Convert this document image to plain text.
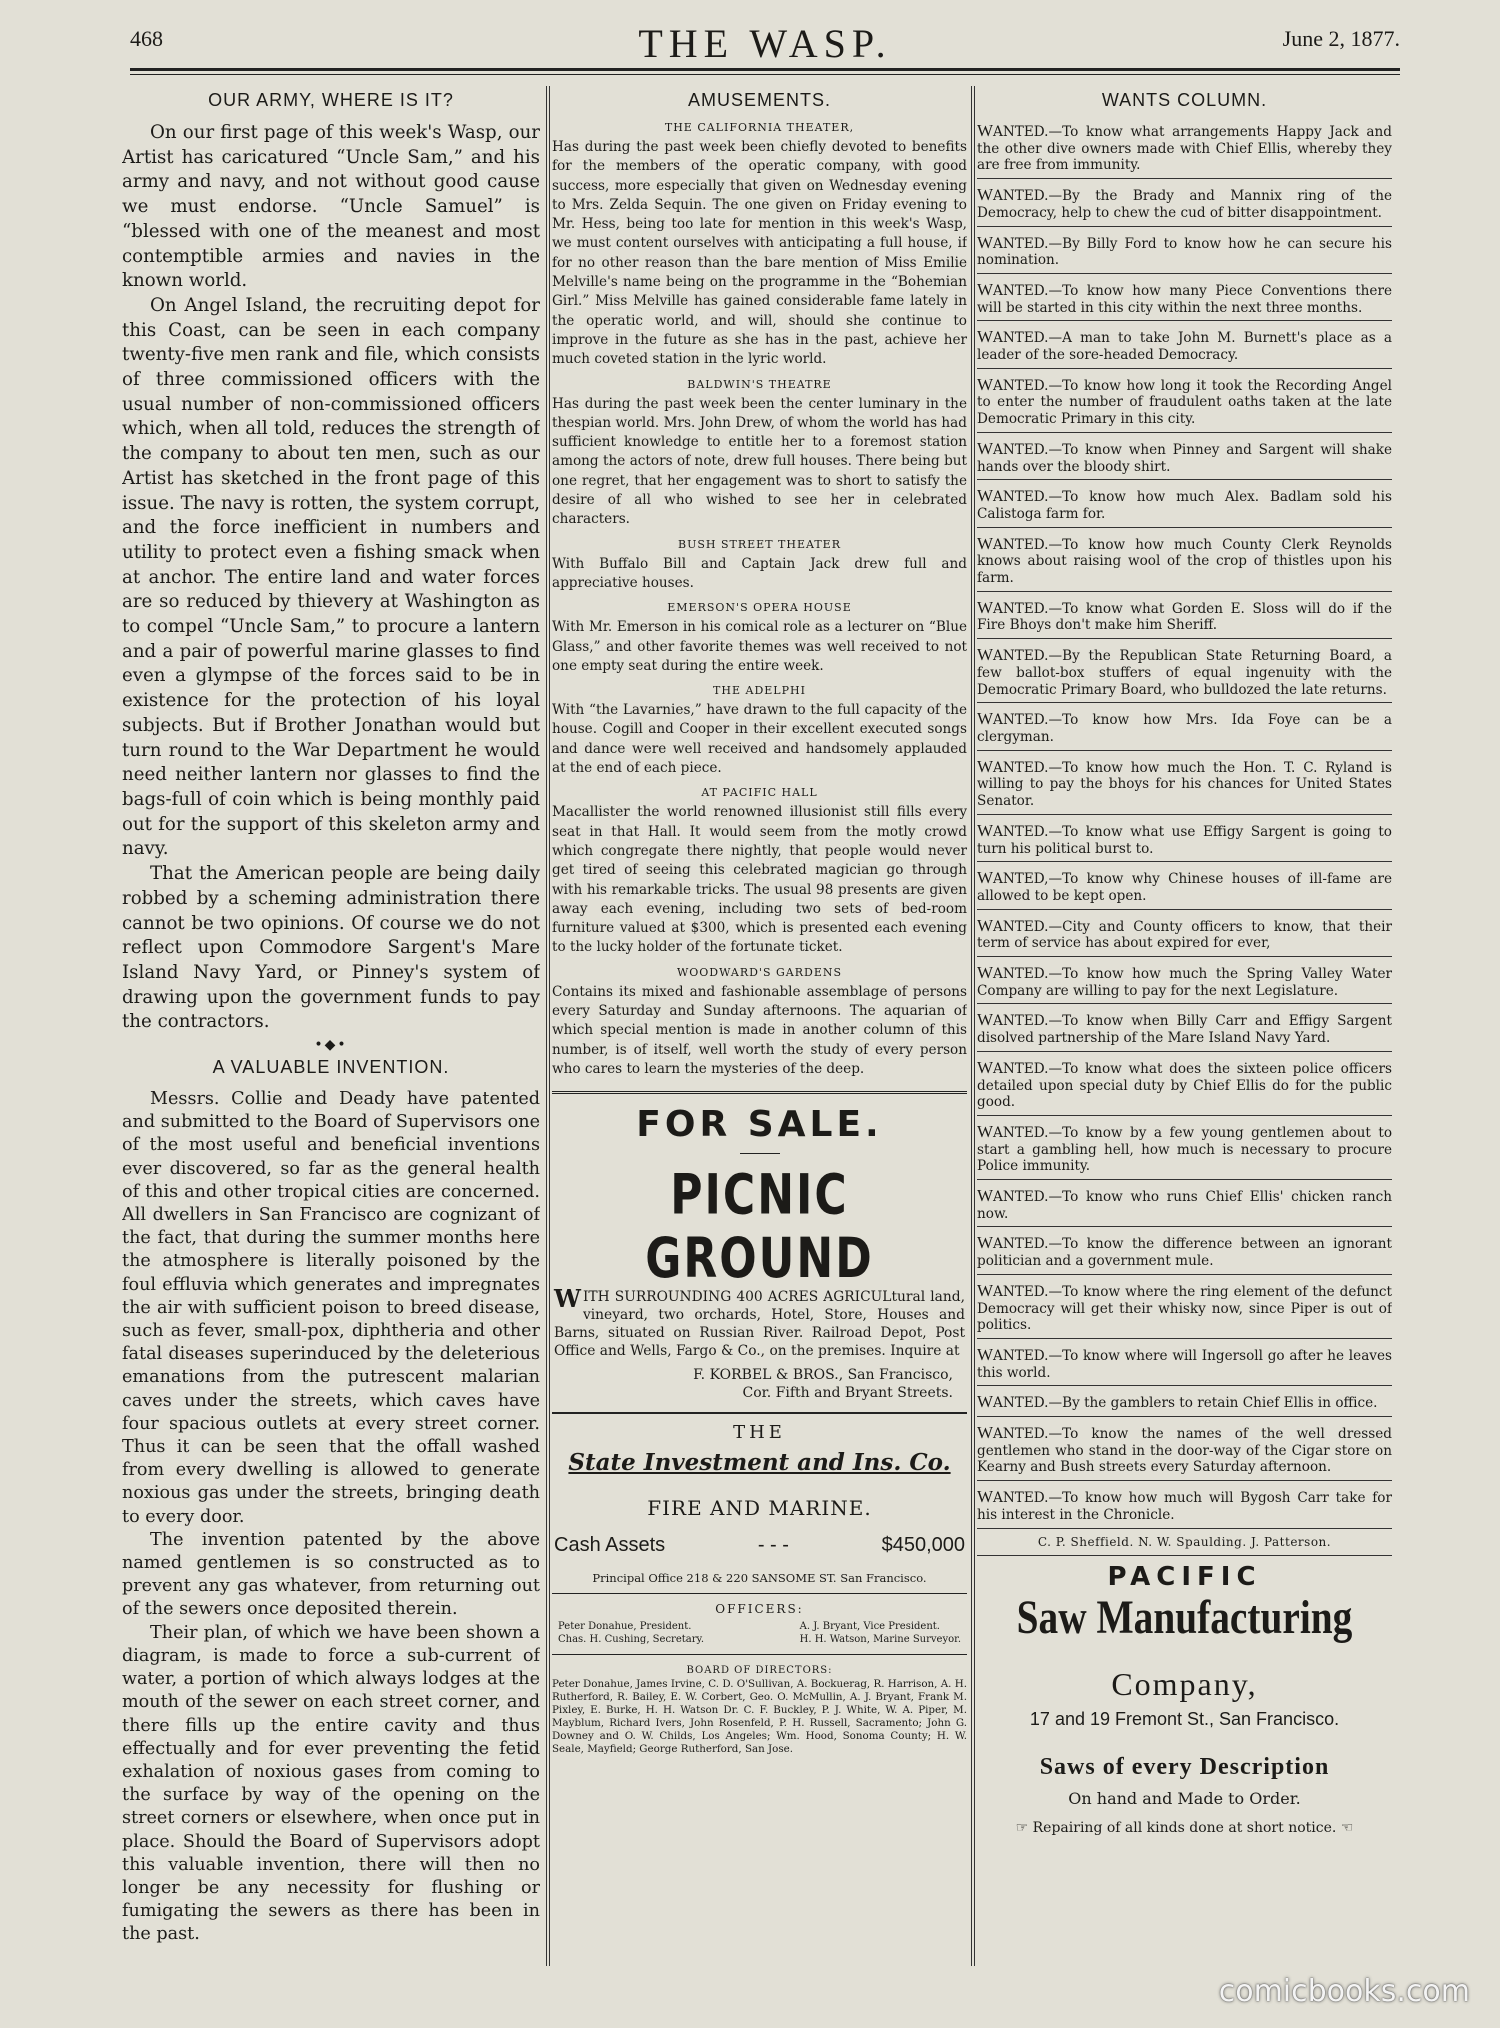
468	THE WASP.	June 2, 1877.
OUR ARMY, WHERE IS IT?

On our first page of this week's Wasp, our Artist has caricatured “Uncle Sam,” and his army and navy, and not without good cause we must endorse. “Uncle Samuel” is “blessed with one of the meanest and most contemptible armies and navies in the known world.

On Angel Island, the recruiting depot for this Coast, can be seen in each company twenty-five men rank and file, which consists of three commissioned officers with the usual number of non-commissioned officers which, when all told, reduces the strength of the company to about ten men, such as our Artist has sketched in the front page of this issue. The navy is rotten, the system corrupt, and the force inefficient in numbers and utility to protect even a fishing smack when at anchor. The entire land and water forces are so reduced by thievery at Washington as to compel “Uncle Sam,” to procure a lantern and a pair of powerful marine glasses to find even a glympse of the forces said to be in existence for the protection of his loyal subjects. But if Brother Jonathan would but turn round to the War Department he would need neither lantern nor glasses to find the bags-full of coin which is being monthly paid out for the support of this skeleton army and navy.

That the American people are being daily robbed by a scheming administration there cannot be two opinions. Of course we do not reflect upon Commodore Sargent's Mare Island Navy Yard, or Pinney's system of drawing upon the government funds to pay the contractors.

•◆•
A VALUABLE INVENTION.

Messrs. Collie and Deady have patented and submitted to the Board of Supervisors one of the most useful and beneficial inventions ever discovered, so far as the general health of this and other tropical cities are concerned. All dwellers in San Francisco are cognizant of the fact, that during the summer months here the atmosphere is literally poisoned by the foul effluvia which generates and impregnates the air with sufficient poison to breed disease, such as fever, small-pox, diphtheria and other fatal diseases superinduced by the deleterious emanations from the putrescent malarian caves under the streets, which caves have four spacious outlets at every street corner. Thus it can be seen that the offall washed from every dwelling is allowed to generate noxious gas under the streets, bringing death to every door.

The invention patented by the above named gentlemen is so constructed as to prevent any gas whatever, from returning out of the sewers once deposited therein.

Their plan, of which we have been shown a diagram, is made to force a sub-current of water, a portion of which always lodges at the mouth of the sewer on each street corner, and there fills up the entire cavity and thus effectually and for ever preventing the fetid exhalation of noxious gases from coming to the surface by way of the opening on the street corners or elsewhere, when once put in place. Should the Board of Supervisors adopt this valuable invention, there will then no longer be any necessity for flushing or fumigating the sewers as there has been in the past.

AMUSEMENTS.
THE CALIFORNIA THEATER,

Has during the past week been chiefly devoted to benefits for the members of the operatic company, with good success, more especially that given on Wednesday evening to Mrs. Zelda Sequin. The one given on Friday evening to Mr. Hess, being too late for mention in this week's Wasp, we must content ourselves with anticipating a full house, if for no other reason than the bare mention of Miss Emilie Melville's name being on the programme in the “Bohemian Girl.” Miss Melville has gained considerable fame lately in the operatic world, and will, should she continue to improve in the future as she has in the past, achieve her much coveted station in the lyric world.

BALDWIN'S THEATRE

Has during the past week been the center luminary in the thespian world. Mrs. John Drew, of whom the world has had sufficient knowledge to entitle her to a foremost station among the actors of note, drew full houses. There being but one regret, that her engagement was to short to satisfy the desire of all who wished to see her in celebrated characters.

BUSH STREET THEATER

With Buffalo Bill and Captain Jack drew full and appreciative houses.

EMERSON'S OPERA HOUSE

With Mr. Emerson in his comical role as a lecturer on “Blue Glass,” and other favorite themes was well received to not one empty seat during the entire week.

THE ADELPHI

With “the Lavarnies,” have drawn to the full capacity of the house. Cogill and Cooper in their excellent executed songs and dance were well received and handsomely applauded at the end of each piece.

AT PACIFIC HALL

Macallister the world renowned illusionist still fills every seat in that Hall. It would seem from the motly crowd which congregate there nightly, that people would never get tired of seeing this celebrated magician go through with his remarkable tricks. The usual 98 presents are given away each evening, including two sets of bed-room furniture valued at $300, which is presented each evening to the lucky holder of the fortunate ticket.

WOODWARD'S GARDENS

Contains its mixed and fashionable assemblage of persons every Saturday and Sunday afternoons. The aquarian of which special mention is made in another column of this number, is of itself, well worth the study of every person who cares to learn the mysteries of the deep.

FOR SALE.
PICNIC GROUND
WITH SURROUNDING 400 ACRES AGRICULtural land, vineyard, two orchards, Hotel, Store, Houses and Barns, situated on Russian River. Railroad Depot, Post Office and Wells, Fargo & Co., on the premises. Inquire at
F. KORBEL & BROS., San Francisco,
Cor. Fifth and Bryant Streets.
THE
State Investment and Ins. Co.
FIRE AND MARINE.
Cash Assets	- - -	$450,000
Principal Office 218 & 220 SANSOME ST. San Francisco.
OFFICERS:
Peter Donahue, President.
Chas. H. Cushing, Secretary.
A. J. Bryant, Vice President.
H. H. Watson, Marine Surveyor.
BOARD OF DIRECTORS:
Peter Donahue, James Irvine, C. D. O'Sullivan, A. Bockuerag, R. Harrison, A. H. Rutherford, R. Bailey, E. W. Corbert, Geo. O. McMullin, A. J. Bryant, Frank M. Pixley, E. Burke, H. H. Watson Dr. C. F. Buckley, P. J. White, W. A. Piper, M. Mayblum, Richard Ivers, John Rosenfeld, P. H. Russell, Sacramento; John G. Downey and O. W. Childs, Los Angeles; Wm. Hood, Sonoma County; H. W. Seale, Mayfield; George Rutherford, San Jose.
WANTS COLUMN.

WANTED.—To know what arrangements Happy Jack and the other dive owners made with Chief Ellis, whereby they are free from immunity.

WANTED.—By the Brady and Mannix ring of the Democracy, help to chew the cud of bitter disappointment.

WANTED.—By Billy Ford to know how he can secure his nomination.

WANTED.—To know how many Piece Conventions there will be started in this city within the next three months.

WANTED.—A man to take John M. Burnett's place as a leader of the sore-headed Democracy.

WANTED.—To know how long it took the Recording Angel to enter the number of fraudulent oaths taken at the late Democratic Primary in this city.

WANTED.—To know when Pinney and Sargent will shake hands over the bloody shirt.

WANTED.—To know how much Alex. Badlam sold his Calistoga farm for.

WANTED.—To know how much County Clerk Reynolds knows about raising wool of the crop of thistles upon his farm.

WANTED.—To know what Gorden E. Sloss will do if the Fire Bhoys don't make him Sheriff.

WANTED.—By the Republican State Returning Board, a few ballot-box stuffers of equal ingenuity with the Democratic Primary Board, who bulldozed the late returns.

WANTED.—To know how Mrs. Ida Foye can be a clergyman.

WANTED.—To know how much the Hon. T. C. Ryland is willing to pay the bhoys for his chances for United States Senator.

WANTED.—To know what use Effigy Sargent is going to turn his political burst to.

WANTED,—To know why Chinese houses of ill-fame are allowed to be kept open.

WANTED.—City and County officers to know, that their term of service has about expired for ever,

WANTED.—To know how much the Spring Valley Water Company are willing to pay for the next Legislature.

WANTED.—To know when Billy Carr and Effigy Sargent disolved partnership of the Mare Island Navy Yard.

WANTED.—To know what does the sixteen police officers detailed upon special duty by Chief Ellis do for the public good.

WANTED.—To know by a few young gentlemen about to start a gambling hell, how much is necessary to procure Police immunity.

WANTED.—To know who runs Chief Ellis' chicken ranch now.

WANTED.—To know the difference between an ignorant politician and a government mule.

WANTED.—To know where the ring element of the defunct Democracy will get their whisky now, since Piper is out of politics.

WANTED.—To know where will Ingersoll go after he leaves this world.

WANTED.—By the gamblers to retain Chief Ellis in office.

WANTED.—To know the names of the well dressed gentlemen who stand in the door-way of the Cigar store on Kearny and Bush streets every Saturday afternoon.

WANTED.—To know how much will Bygosh Carr take for his interest in the Chronicle.

C. P. Sheffield. N. W. Spaulding. J. Patterson.
PACIFIC
Saw Manufacturing
Company,
17 and 19 Fremont St., San Francisco.
Saws of every Description
On hand and Made to Order.
☞ Repairing of all kinds done at short notice. ☜
comicbooks.com
